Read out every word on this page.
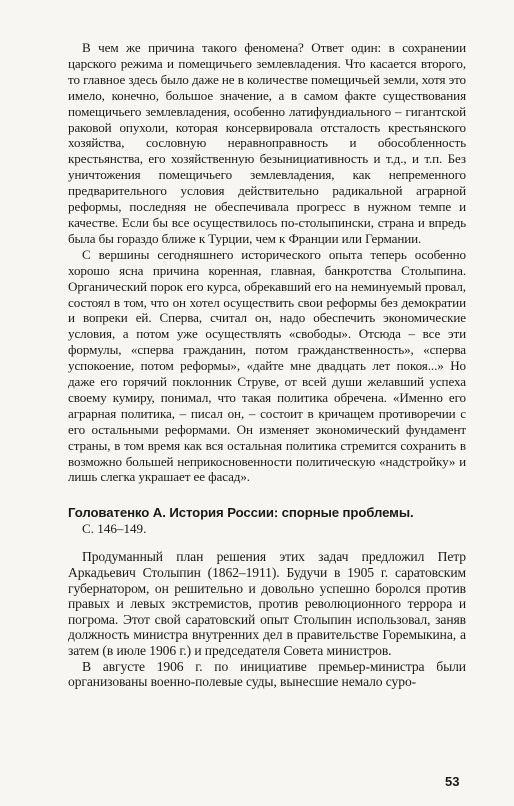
В чем же причина такого феномена? Ответ один: в сохранении царского режима и помещичьего землевладения. Что касается второго, то главное здесь было даже не в количестве помещичьей земли, хотя это имело, конечно, большое значение, а в самом факте существования помещичьего землевладения, особенно латифундиального – гигантской раковой опухоли, которая консервировала отсталость крестьянского хозяйства, сословную неравноправность и обособленность крестьянства, его хозяйственную безынициативность и т.д., и т.п. Без уничтожения помещичьего землевладения, как непременного предварительного условия действительно радикальной аграрной реформы, последняя не обеспечивала прогресс в нужном темпе и качестве. Если бы все осуществилось по-столыпински, страна и впредь была бы гораздо ближе к Турции, чем к Франции или Германии.

С вершины сегодняшнего исторического опыта теперь особенно хорошо ясна причина коренная, главная, банкротства Столыпина. Органический порок его курса, обрекавший его на неминуемый провал, состоял в том, что он хотел осуществить свои реформы без демократии и вопреки ей. Сперва, считал он, надо обеспечить экономические условия, а потом уже осуществлять «свободы». Отсюда – все эти формулы, «сперва гражданин, потом гражданственность», «сперва успокоение, потом реформы», «дайте мне двадцать лет покоя...» Но даже его горячий поклонник Струве, от всей души желавший успеха своему кумиру, понимал, что такая политика обречена. «Именно его аграрная политика, – писал он, – состоит в кричащем противоречии с его остальными реформами. Он изменяет экономический фундамент страны, в том время как вся остальная политика стремится сохранить в возможно большей неприкосновенности политическую «надстройку» и лишь слегка украшает ее фасад».

Головатенко А. История России: спорные проблемы.

С. 146–149.

Продуманный план решения этих задач предложил Петр Аркадьевич Столыпин (1862–1911). Будучи в 1905 г. саратовским губернатором, он решительно и довольно успешно боролся против правых и левых экстремистов, против революционного террора и погрома. Этот свой саратовский опыт Столыпин использовал, заняв должность министра внутренних дел в правительстве Горемыкина, а затем (в июле 1906 г.) и председателя Совета министров.

В августе 1906 г. по инициативе премьер-министра были организованы военно-полевые суды, вынесшие немало суро-

53
